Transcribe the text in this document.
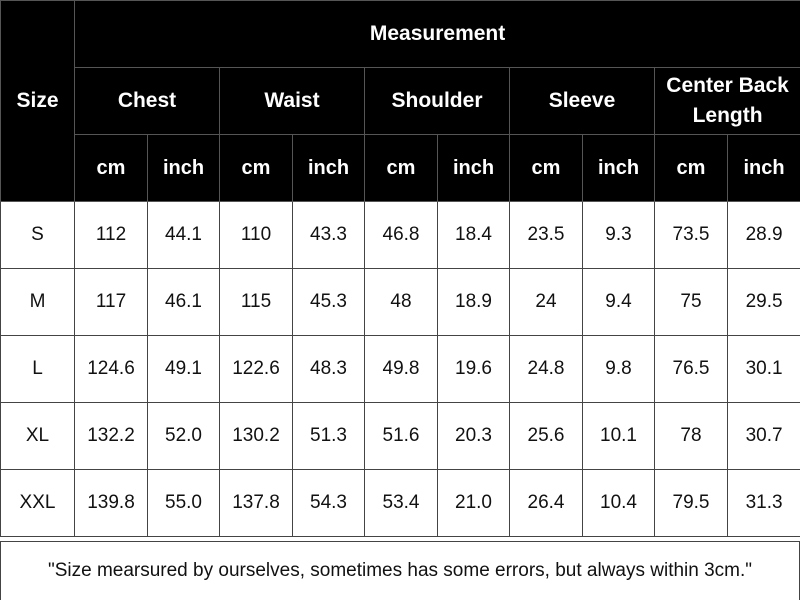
Size	Measurement									
	Chest		Waist		Shoulder		Sleeve		Center Back
Length	

	cm	inch	cm	inch	cm	inch	cm	inch	cm	inch
S	112	44.1	110	43.3	46.8	18.4	23.5	9.3	73.5	28.9
M	117	46.1	115	45.3	48	18.9	24	9.4	75	29.5
L	124.6	49.1	122.6	48.3	49.8	19.6	24.8	9.8	76.5	30.1
XL	132.2	52.0	130.2	51.3	51.6	20.3	25.6	10.1	78	30.7
XXL	139.8	55.0	137.8	54.3	53.4	21.0	26.4	10.4	79.5	31.3
"Size mearsured by ourselves, sometimes has some errors, but always within 3cm."
